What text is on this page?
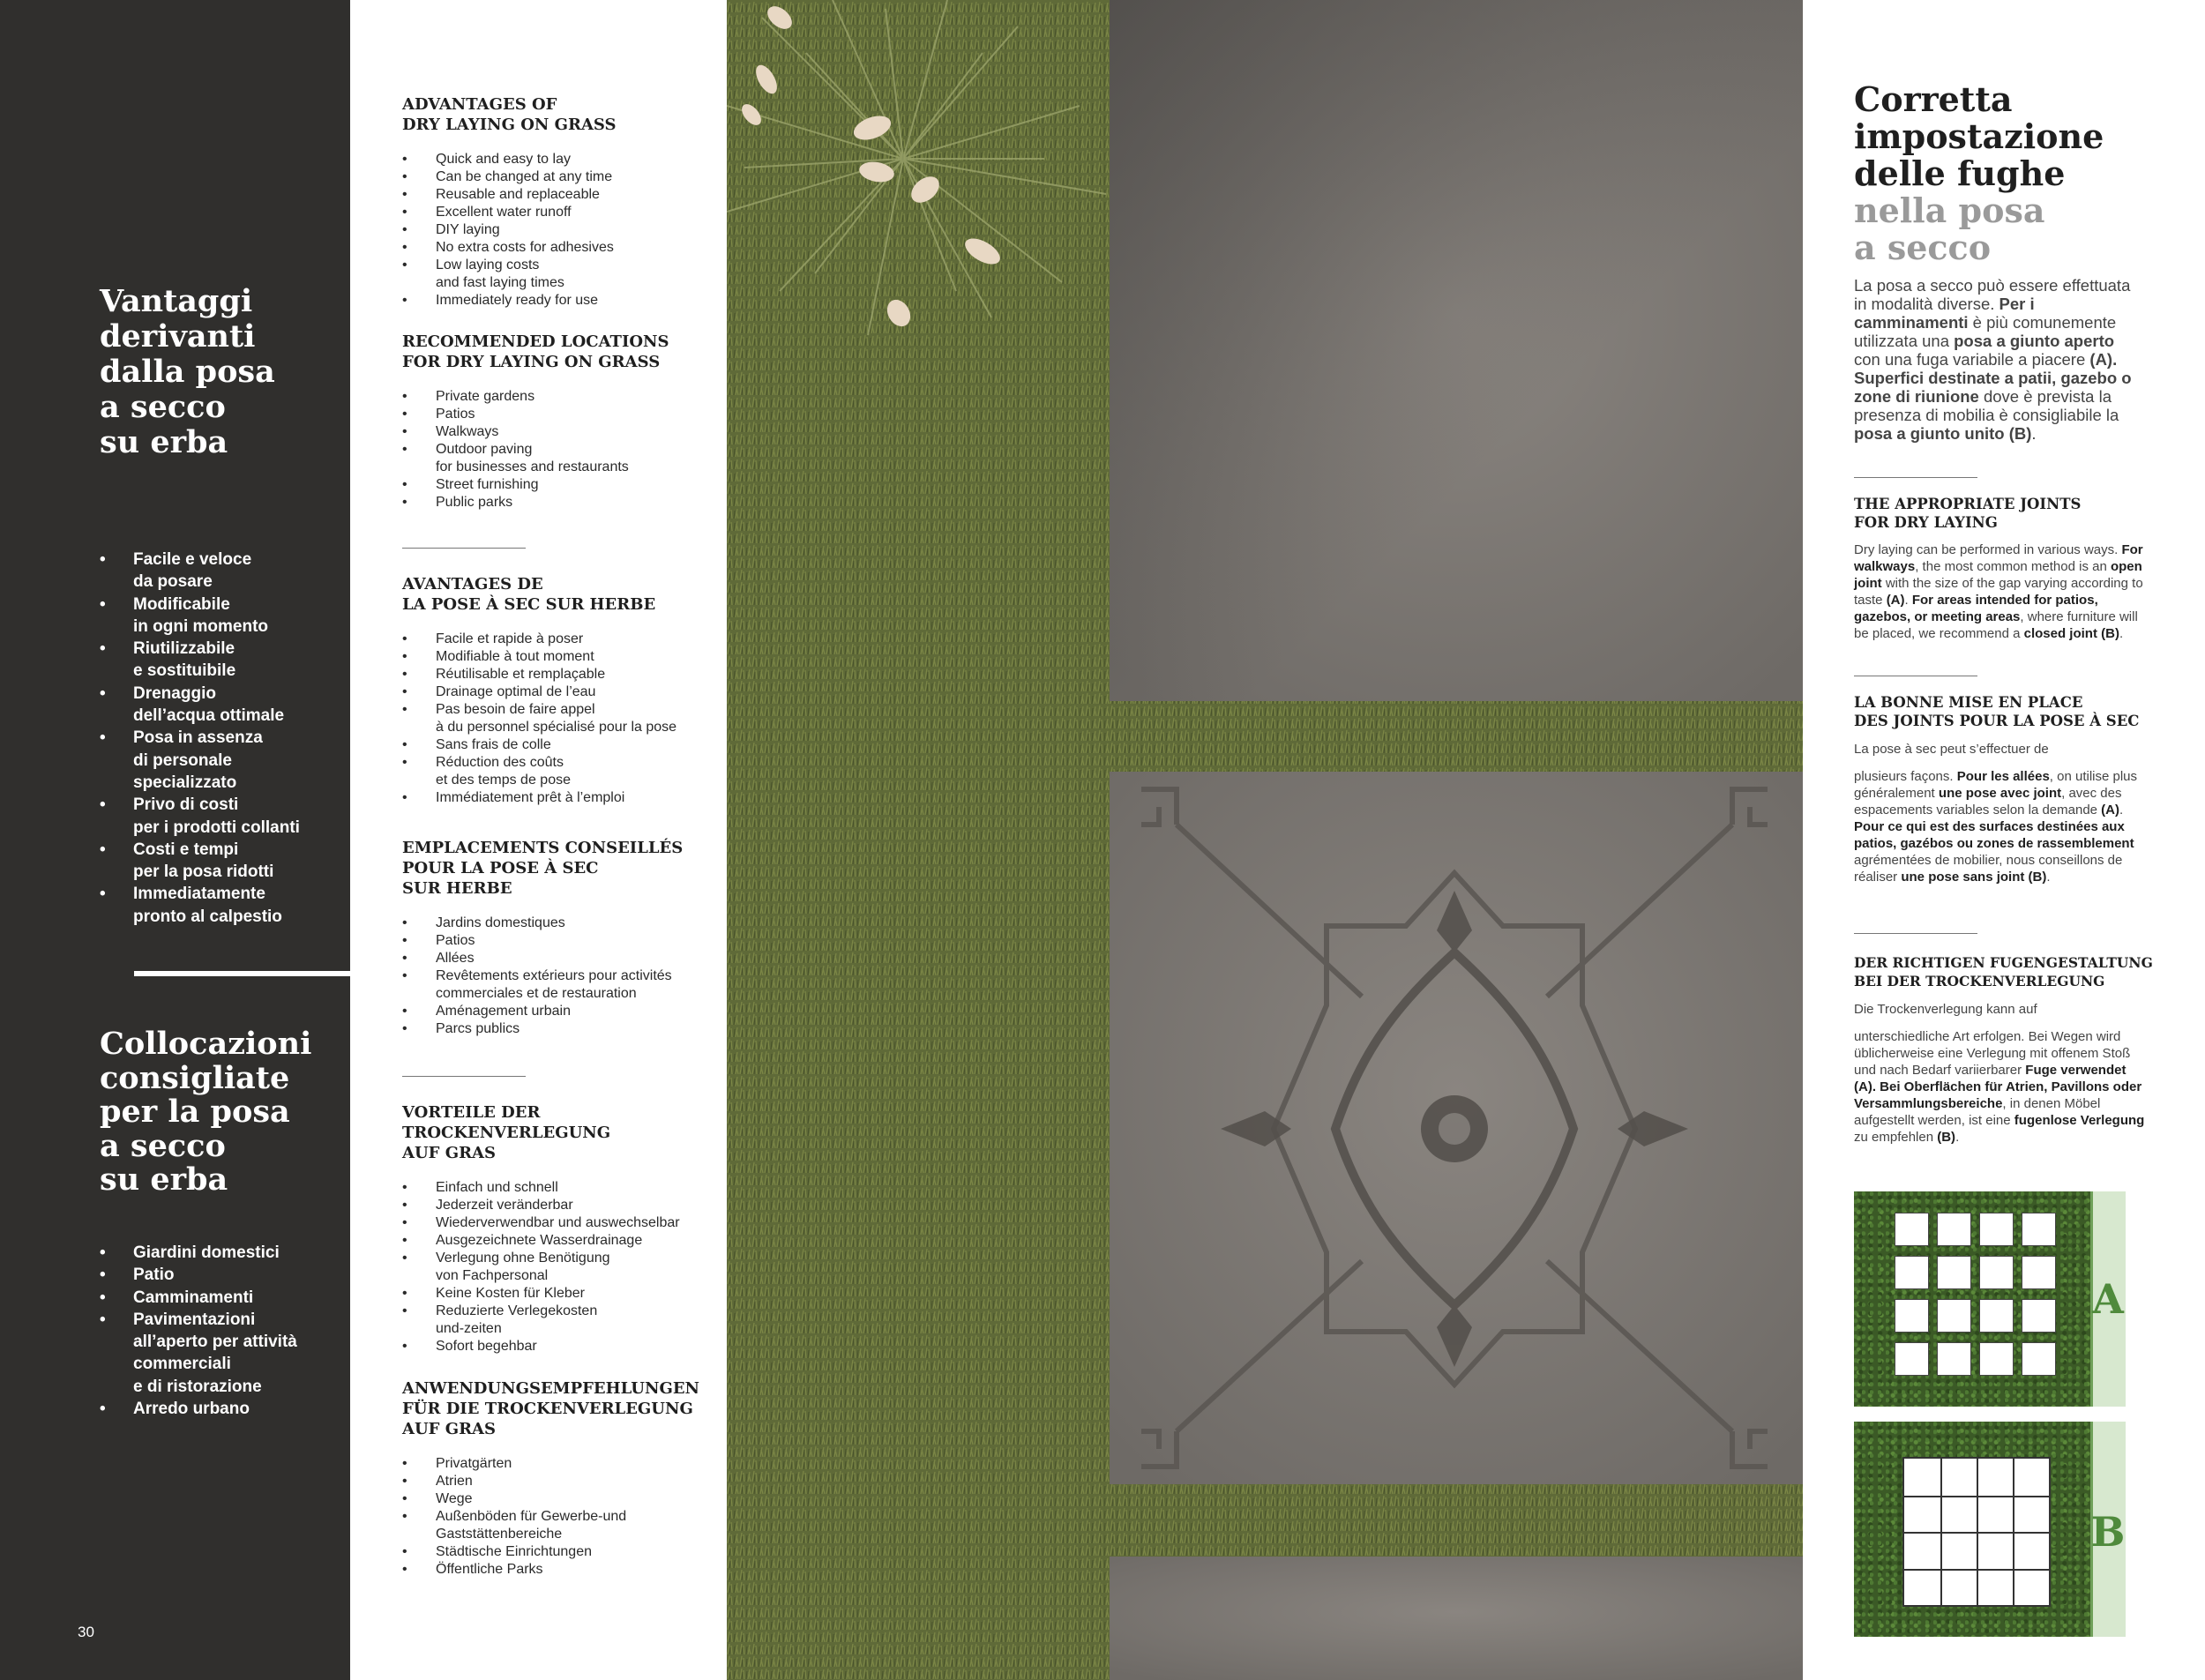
Vantaggi
derivanti
dalla posa
a secco
su erba
• Facile e veloce
da posare
• Modificabile
in ogni momento
• Riutilizzabile
e sostituibile
• Drenaggio
dell’acqua ottimale
• Posa in assenza
di personale
specializzato
• Privo di costi
per i prodotti collanti
• Costi e tempi
per la posa ridotti
• Immediatamente
pronto al calpestio
Collocazioni
consigliate
per la posa
a secco
su erba
• Giardini domestici
• Patio
• Camminamenti
• Pavimentazioni
all’aperto per attività
commerciali
e di ristorazione
• Arredo urbano
30
ADVANTAGES OF
DRY LAYING ON GRASS
• Quick and easy to lay
• Can be changed at any time
• Reusable and replaceable
• Excellent water runoff
• DIY laying
• No extra costs for adhesives
• Low laying costs
and fast laying times
• Immediately ready for use
RECOMMENDED LOCATIONS
FOR DRY LAYING ON GRASS
• Private gardens
• Patios
• Walkways
• Outdoor paving
for businesses and restaurants
• Street furnishing
• Public parks
AVANTAGES DE
LA POSE À SEC SUR HERBE
• Facile et rapide à poser
• Modifiable à tout moment
• Réutilisable et remplaçable
• Drainage optimal de l’eau
• Pas besoin de faire appel
à du personnel spécialisé pour la pose
• Sans frais de colle
• Réduction des coûts
et des temps de pose
• Immédiatement prêt à l’emploi
EMPLACEMENTS CONSEILLÉS
POUR LA POSE À SEC
SUR HERBE
• Jardins domestiques
• Patios
• Allées
• Revêtements extérieurs pour activités
commerciales et de restauration
• Aménagement urbain
• Parcs publics
VORTEILE DER
TROCKENVERLEGUNG
AUF GRAS
• Einfach und schnell
• Jederzeit veränderbar
• Wiederverwendbar und auswechselbar
• Ausgezeichnete Wasserdrainage
• Verlegung ohne Benötigung
von Fachpersonal
• Keine Kosten für Kleber
• Reduzierte Verlegekosten
und-zeiten
• Sofort begehbar
ANWENDUNGSEMPFEHLUNGEN
FÜR DIE TROCKENVERLEGUNG
AUF GRAS
• Privatgärten
• Atrien
• Wege
• Außenböden für Gewerbe-und
Gaststättenbereiche
• Städtische Einrichtungen
• Öffentliche Parks
Corretta
impostazione
delle fughe
nella posa
a secco

La posa a secco può essere effettuata in modalità diverse. Per i camminamenti è più comunemente utilizzata una posa a giunto aperto con una fuga variabile a piacere (A). Superfici destinate a patii, gazebo o zone di riunione dove è prevista la presenza di mobilia è consigliabile la posa a giunto unito (B).

THE APPROPRIATE JOINTS
FOR DRY LAYING

Dry laying can be performed in various ways. For walkways, the most common method is an open joint with the size of the gap varying according to taste (A). For areas intended for patios, gazebos, or meeting areas, where furniture will be placed, we recommend a closed joint (B).

LA BONNE MISE EN PLACE
DES JOINTS POUR LA POSE À SEC

La pose à sec peut s’effectuer de

plusieurs façons. Pour les allées, on utilise plus généralement une pose avec joint, avec des espacements variables selon la demande (A). Pour ce qui est des surfaces destinées aux patios, gazébos ou zones de rassemblement agrémentées de mobilier, nous conseillons de réaliser une pose sans joint (B).

DER RICHTIGEN FUGENGESTALTUNG
BEI DER TROCKENVERLEGUNG

Die Trockenverlegung kann auf

unterschiedliche Art erfolgen. Bei Wegen wird üblicherweise eine Verlegung mit offenem Stoß und nach Bedarf variierbarer Fuge verwendet (A). Bei Oberflächen für Atrien, Pavillons oder Versammlungsbereiche, in denen Möbel aufgestellt werden, ist eine fugenlose Verlegung zu empfehlen (B).

A
B
